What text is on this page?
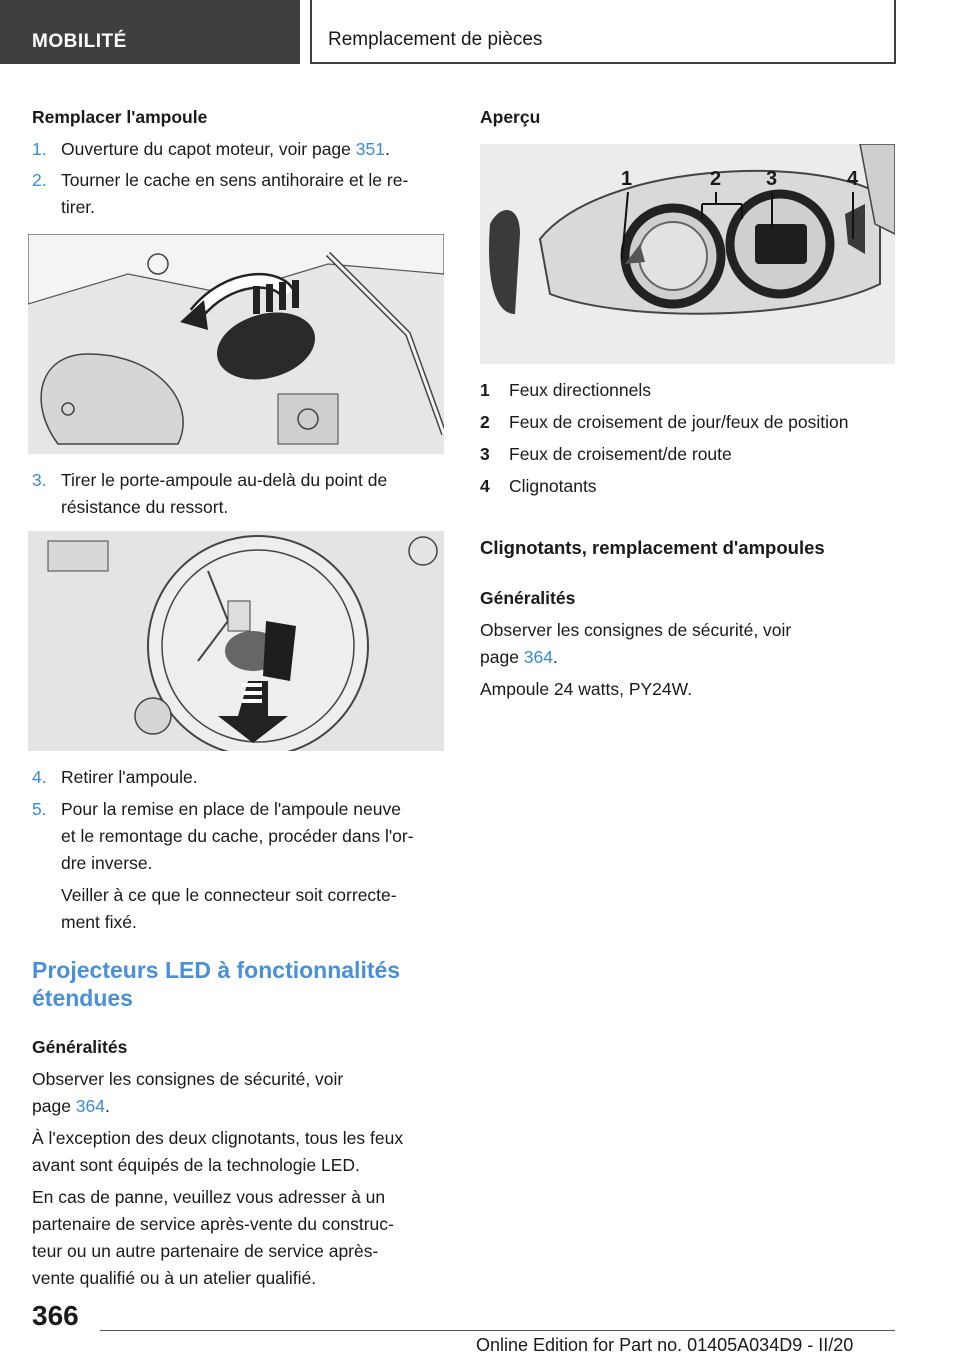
MOBILITÉ	Remplacement de pièces
Remplacer l'ampoule
1. Ouverture du capot moteur, voir page 351.
2. Tourner le cache en sens antihoraire et le re-
tirer.
3. Tirer le porte-ampoule au-delà du point de
résistance du ressort.
4. Retirer l'ampoule.
5. Pour la remise en place de l'ampoule neuve
et le remontage du cache, procéder dans l'or-
dre inverse.
Veiller à ce que le connecteur soit correcte-
ment fixé.
Projecteurs LED à fonctionnalités
étendues
Généralités
Observer les consignes de sécurité, voir
page 364.
À l'exception des deux clignotants, tous les feux
avant sont équipés de la technologie LED.
En cas de panne, veuillez vous adresser à un
partenaire de service après-vente du construc-
teur ou un autre partenaire de service après-
vente qualifié ou à un atelier qualifié.
Aperçu
1	2 3	4
1 Feux directionnels
2 Feux de croisement de jour/feux de position
3 Feux de croisement/de route
4 Clignotants
Clignotants, remplacement d'ampoules
Généralités
Observer les consignes de sécurité, voir
page 364.
Ampoule 24 watts, PY24W.
366
Online Edition for Part no. 01405A034D9 - II/20
